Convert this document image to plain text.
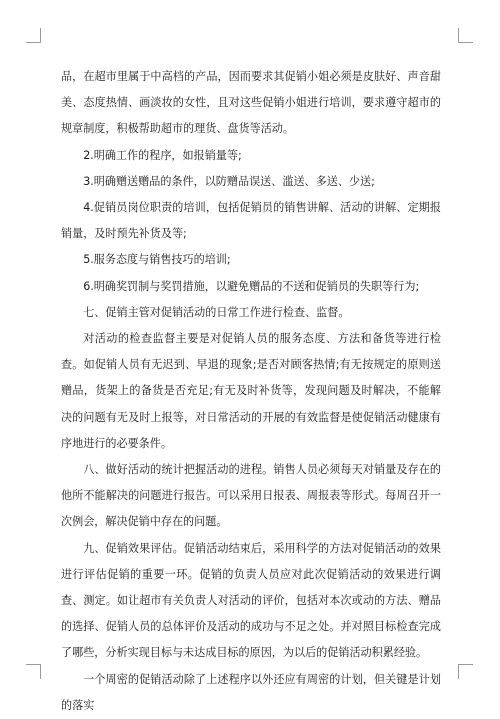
品，在超市里属于中高档的产品，因而要求其促销小姐必须是皮肤好、声音甜美、态度热情、画淡妆的女性，且对这些促销小姐进行培训，要求遵守超市的规章制度，积极帮助超市的理货、盘货等活动。

2.明确工作的程序，如报销量等;

3.明确赠送赠品的条件，以防赠品误送、滥送、多送、少送;

4.促销员岗位职责的培训，包括促销员的销售讲解、活动的讲解、定期报销量，及时预先补货及等;

5.服务态度与销售技巧的培训;

6.明确奖罚制与奖罚措施，以避免赠品的不送和促销员的失职等行为;

七、促销主管对促销活动的日常工作进行检查、监督。

对活动的检查监督主要是对促销人员的服务态度、方法和备货等进行检查。如促销人员有无迟到、早退的现象;是否对顾客热情;有无按规定的原则送赠品，货架上的备货是否充足;有无及时补货等，发现问题及时解决，不能解决的问题有无及时上报等，对日常活动的开展的有效监督是使促销活动健康有序地进行的必要条件。

八、做好活动的统计把握活动的进程。销售人员必须每天对销量及存在的他所不能解决的问题进行报告。可以采用日报表、周报表等形式。每周召开一次例会，解决促销中存在的问题。

九、促销效果评估。促销活动结束后，采用科学的方法对促销活动的效果进行评估促销的重要一环。促销的负责人员应对此次促销活动的效果进行调查、测定。如让超市有关负责人对活动的评价，包括对本次或动的方法、赠品的选择、促销人员的总体评价及活动的成功与不足之处。并对照目标检查完成了哪些，分析实现目标与未达成目标的原因，为以后的促销活动积累经验。

一个周密的促销活动除了上述程序以外还应有周密的计划，但关键是计划的落实
